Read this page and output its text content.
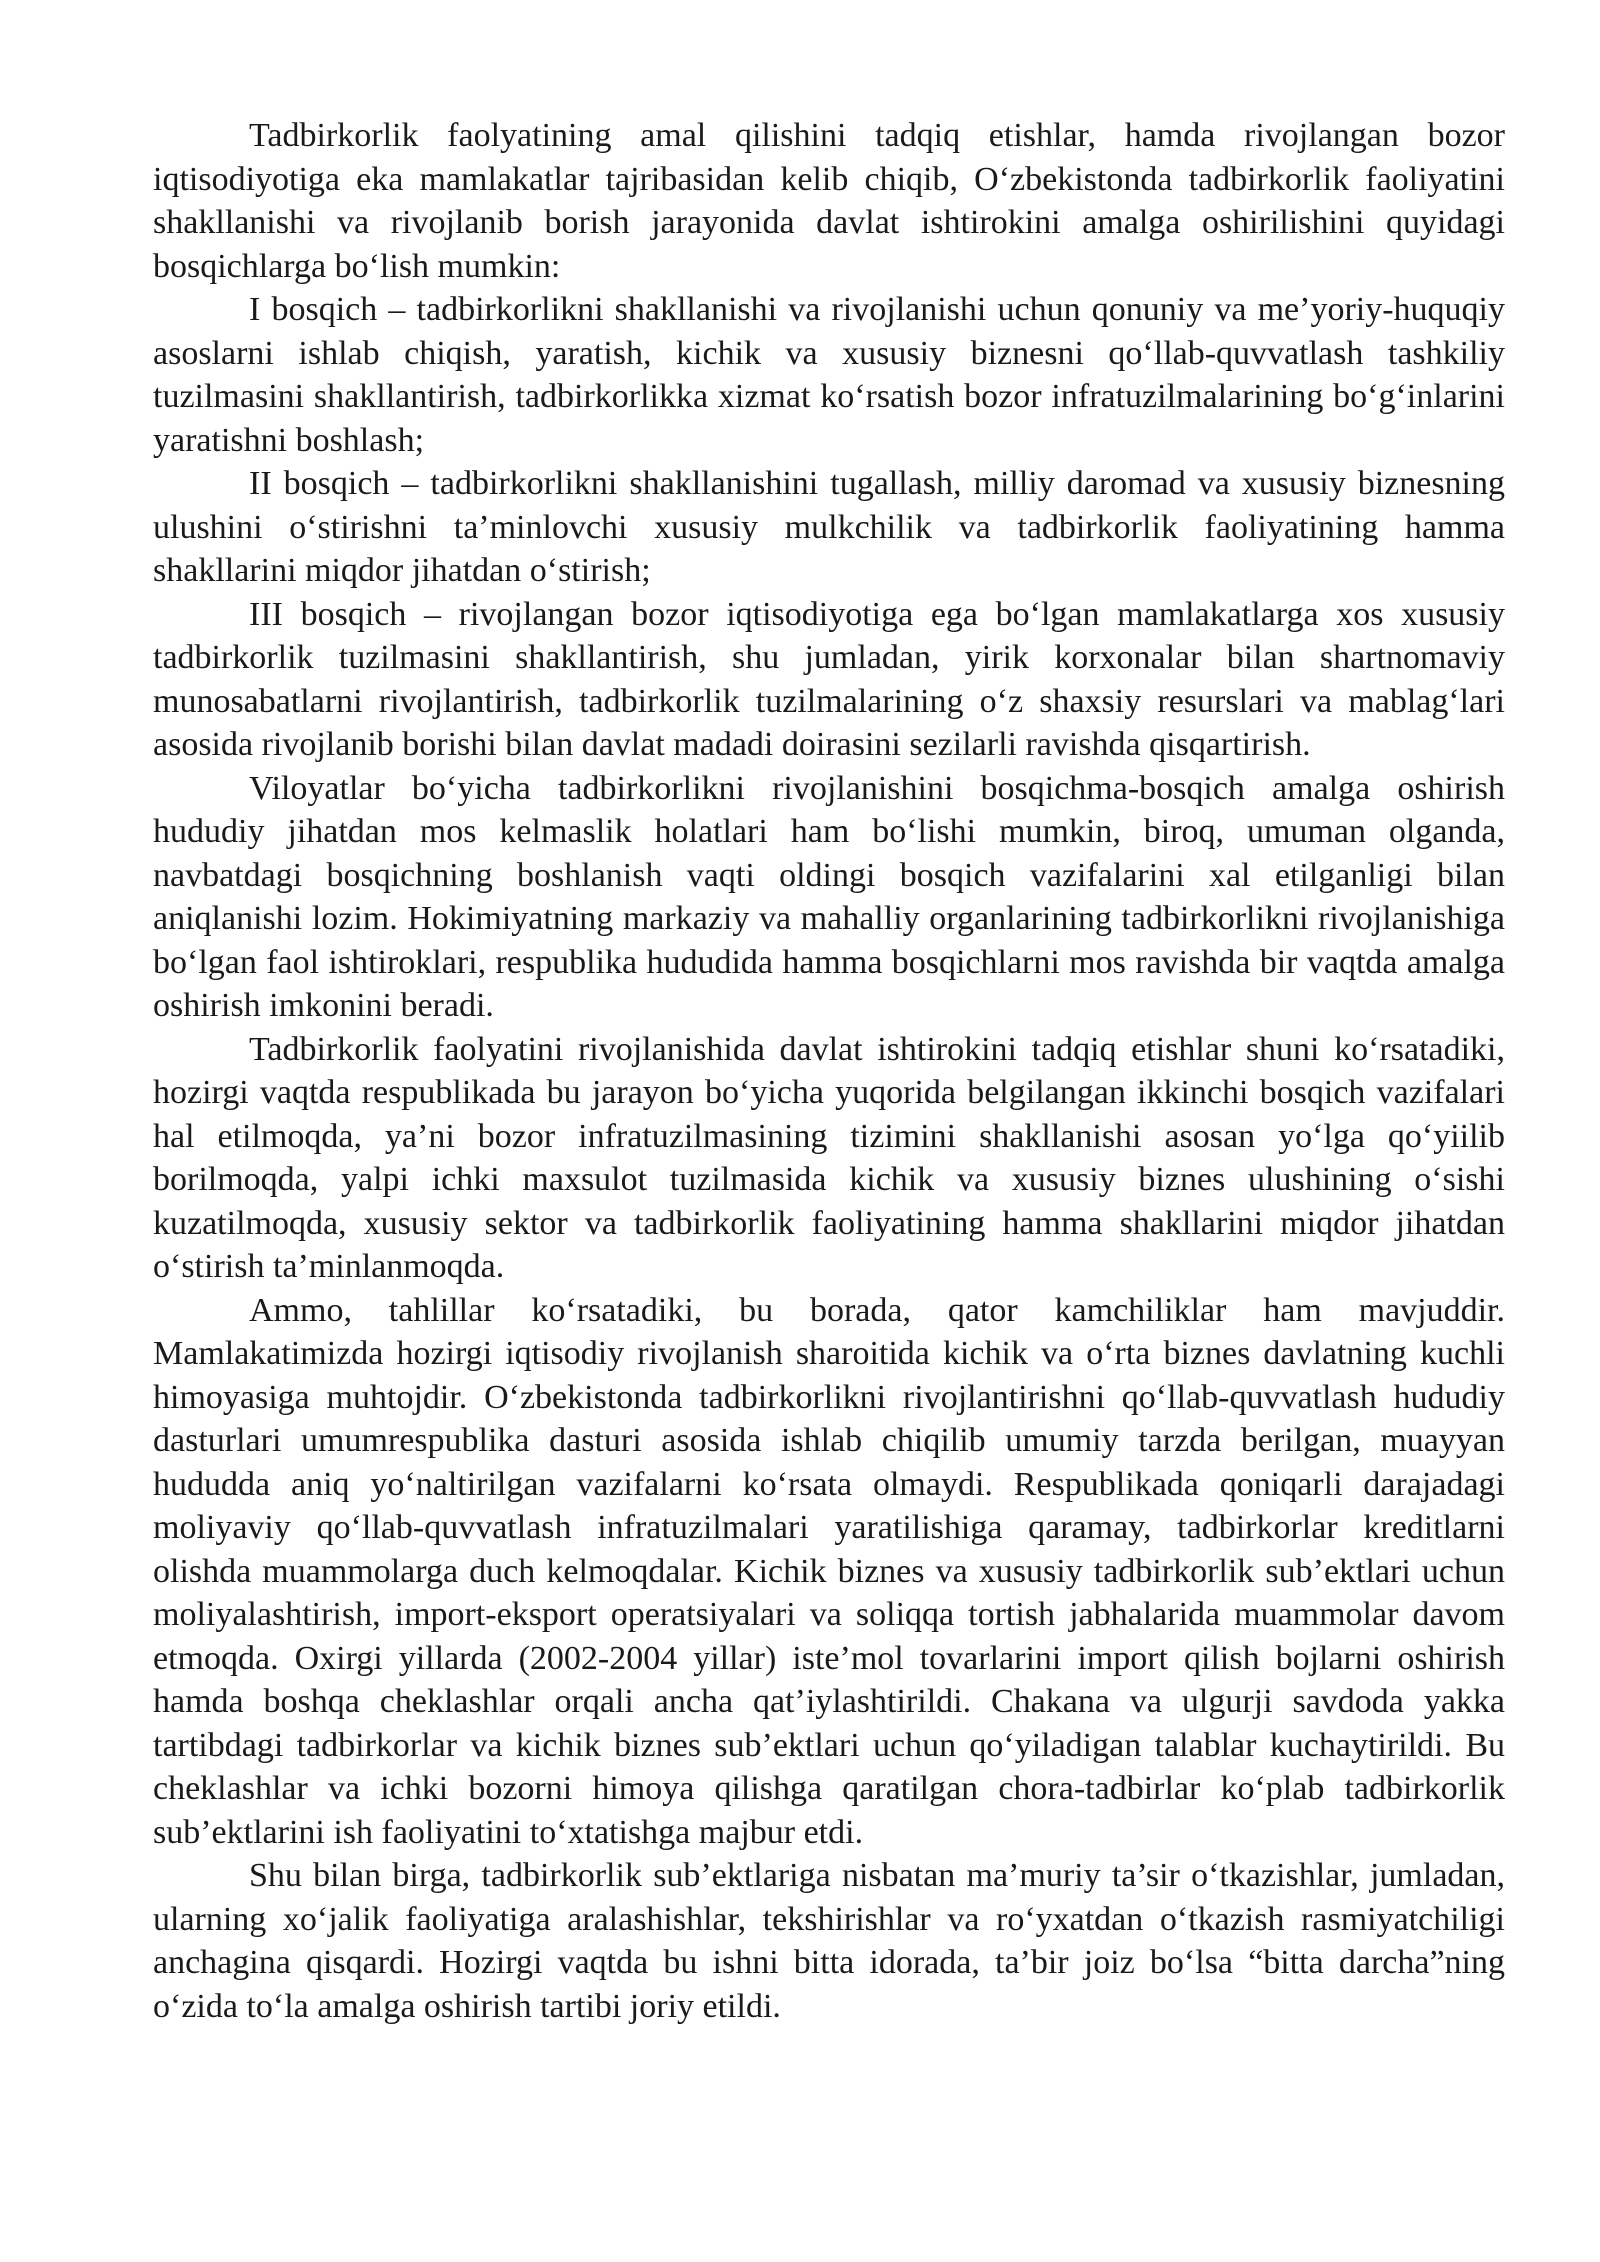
Tadbirkorlik faolyatining amal qilishini tadqiq etishlar, hamda rivojlangan bozor iqtisodiyotiga eka mamlakatlar tajribasidan kelib chiqib, O‘zbekistonda tadbirkorlik faoliyatini shakllanishi va rivojlanib borish jarayonida davlat ishtirokini amalga oshirilishini quyidagi bosqichlarga bo‘lish mumkin:

I bosqich – tadbirkorlikni shakllanishi va rivojlanishi uchun qonuniy va me’yoriy-huquqiy asoslarni ishlab chiqish, yaratish, kichik va xususiy biznesni qo‘llab-quvvatlash tashkiliy tuzilmasini shakllantirish, tadbirkorlikka xizmat ko‘rsatish bozor infratuzilmalarining bo‘g‘inlarini yaratishni boshlash;

II bosqich – tadbirkorlikni shakllanishini tugallash, milliy daromad va xususiy biznesning ulushini o‘stirishni ta’minlovchi xususiy mulkchilik va tadbirkorlik faoliyatining hamma shakllarini miqdor jihatdan o‘stirish;

III bosqich – rivojlangan bozor iqtisodiyotiga ega bo‘lgan mamlakatlarga xos xususiy tadbirkorlik tuzilmasini shakllantirish, shu jumladan, yirik korxonalar bilan shartnomaviy munosabatlarni rivojlantirish, tadbirkorlik tuzilmalarining o‘z shaxsiy resurslari va mablag‘lari asosida rivojlanib borishi bilan davlat madadi doirasini sezilarli ravishda qisqartirish.

Viloyatlar bo‘yicha tadbirkorlikni rivojlanishini bosqichma-bosqich amalga oshirish hududiy jihatdan mos kelmaslik holatlari ham bo‘lishi mumkin, biroq, umuman olganda, navbatdagi bosqichning boshlanish vaqti oldingi bosqich vazifalarini xal etilganligi bilan aniqlanishi lozim. Hokimiyatning markaziy va mahalliy organlarining tadbirkorlikni rivojlanishiga bo‘lgan faol ishtiroklari, respublika hududida hamma bosqichlarni mos ravishda bir vaqtda amalga oshirish imkonini beradi.

Tadbirkorlik faolyatini rivojlanishida davlat ishtirokini tadqiq etishlar shuni ko‘rsatadiki, hozirgi vaqtda respublikada bu jarayon bo‘yicha yuqorida belgilangan ikkinchi bosqich vazifalari hal etilmoqda, ya’ni bozor infratuzilmasining tizimini shakllanishi asosan yo‘lga qo‘yiilib borilmoqda, yalpi ichki maxsulot tuzilmasida kichik va xususiy biznes ulushining o‘sishi kuzatilmoqda, xususiy sektor va tadbirkorlik faoliyatining hamma shakllarini miqdor jihatdan o‘stirish ta’minlanmoqda.

Ammo, tahlillar ko‘rsatadiki, bu borada, qator kamchiliklar ham mavjuddir. Mamlakatimizda hozirgi iqtisodiy rivojlanish sharoitida kichik va o‘rta biznes davlatning kuchli himoyasiga muhtojdir. O‘zbekistonda tadbirkorlikni rivojlantirishni qo‘llab-quvvatlash hududiy dasturlari umumrespublika dasturi asosida ishlab chiqilib umumiy tarzda berilgan, muayyan hududda aniq yo‘naltirilgan vazifalarni ko‘rsata olmaydi. Respublikada qoniqarli darajadagi moliyaviy qo‘llab-quvvatlash infratuzilmalari yaratilishiga qaramay, tadbirkorlar kreditlarni olishda muammolarga duch kelmoqdalar. Kichik biznes va xususiy tadbirkorlik sub’ektlari uchun moliyalashtirish, import-eksport operatsiyalari va soliqqa tortish jabhalarida muammolar davom etmoqda. Oxirgi yillarda (2002-2004 yillar) iste’mol tovarlarini import qilish bojlarni oshirish hamda boshqa cheklashlar orqali ancha qat’iylashtirildi. Chakana va ulgurji savdoda yakka tartibdagi tadbirkorlar va kichik biznes sub’ektlari uchun qo‘yiladigan talablar kuchaytirildi. Bu cheklashlar va ichki bozorni himoya qilishga qaratilgan chora-tadbirlar ko‘plab tadbirkorlik sub’ektlarini ish faoliyatini to‘xtatishga majbur etdi.

Shu bilan birga, tadbirkorlik sub’ektlariga nisbatan ma’muriy ta’sir o‘tkazishlar, jumladan, ularning xo‘jalik faoliyatiga aralashishlar, tekshirishlar va ro‘yxatdan o‘tkazish rasmiyatchiligi anchagina qisqardi. Hozirgi vaqtda bu ishni bitta idorada, ta’bir joiz bo‘lsa “bitta darcha”ning o‘zida to‘la amalga oshirish tartibi joriy etildi.
